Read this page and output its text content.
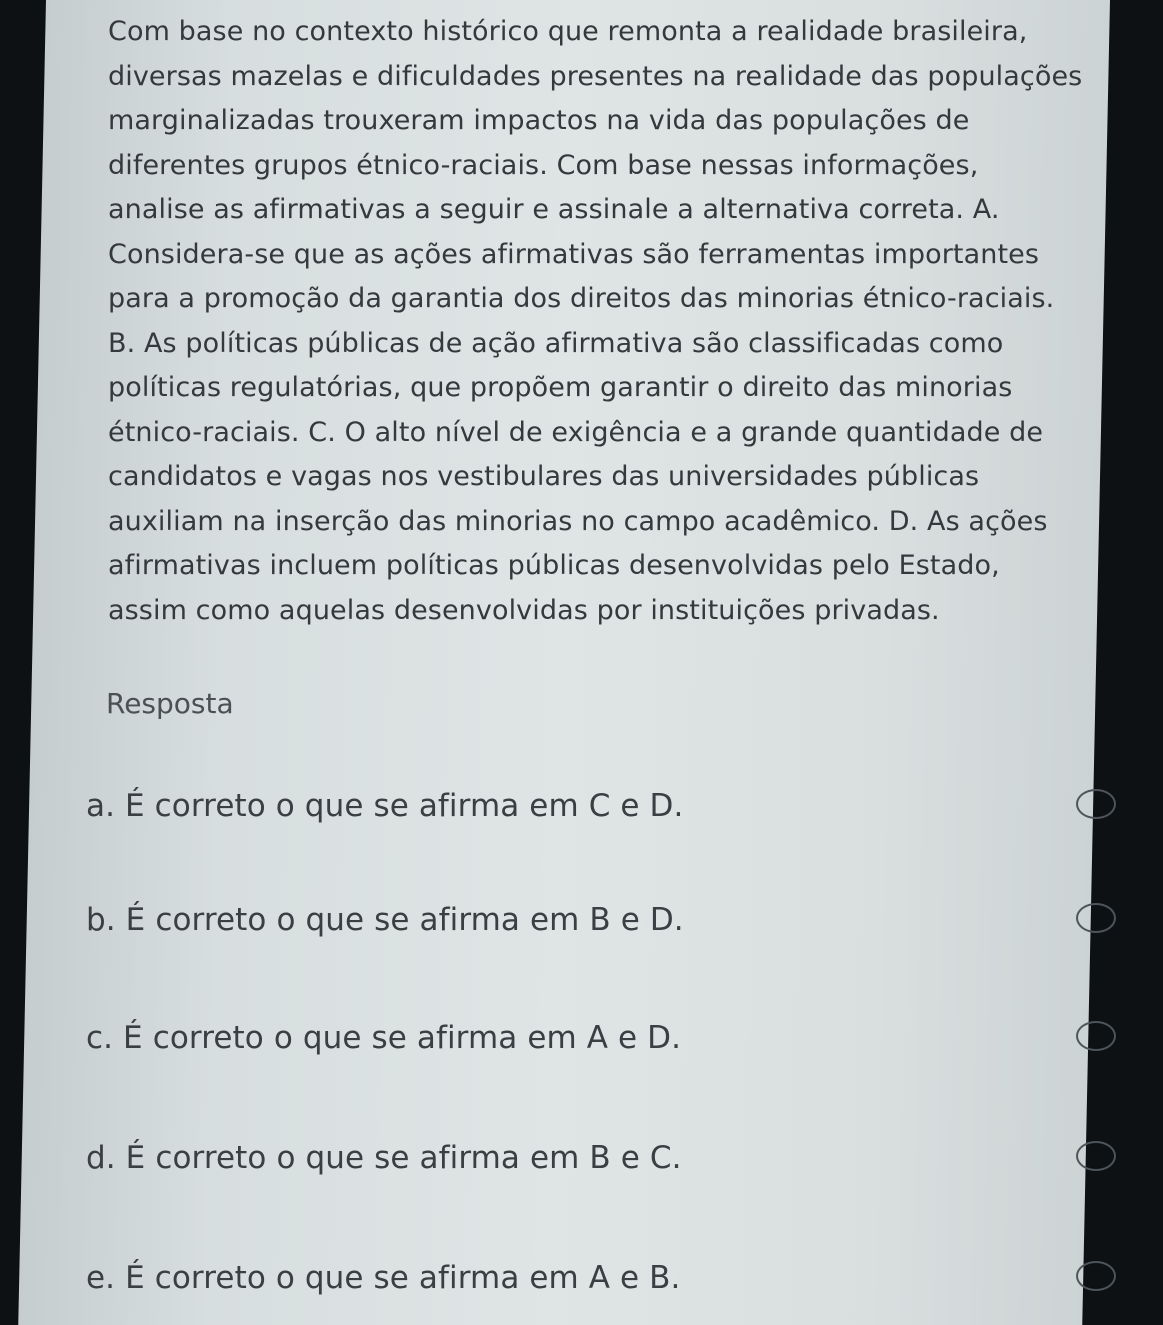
Com base no contexto histórico que remonta a realidade brasileira, diversas mazelas e dificuldades presentes na realidade das populações marginalizadas trouxeram impactos na vida das populações de diferentes grupos étnico-raciais. Com base nessas informações, analise as afirmativas a seguir e assinale a alternativa correta. A. Considera-se que as ações afirmativas são ferramentas importantes para a promoção da garantia dos direitos das minorias étnico-raciais. B. As políticas públicas de ação afirmativa são classificadas como políticas regulatórias, que propõem garantir o direito das minorias étnico-raciais. C. O alto nível de exigência e a grande quantidade de candidatos e vagas nos vestibulares das universidades públicas auxiliam na inserção das minorias no campo acadêmico. D. As ações afirmativas incluem políticas públicas desenvolvidas pelo Estado, assim como aquelas desenvolvidas por instituições privadas.

Resposta
a. É correto o que se afirma em C e D.
b. É correto o que se afirma em B e D.
c. É correto o que se afirma em A e D.
d. É correto o que se afirma em B e C.
e. É correto o que se afirma em A e B.
